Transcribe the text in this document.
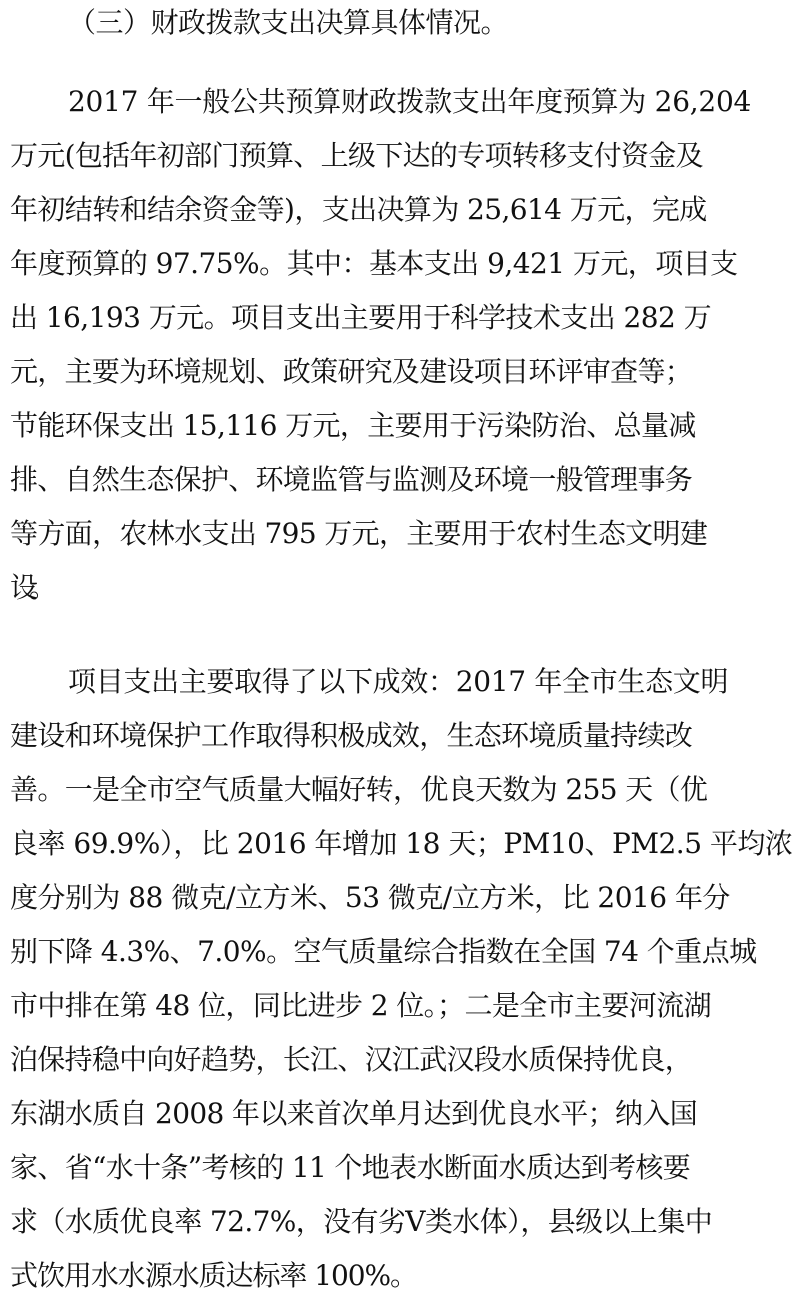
（三）财政拨款支出决算具体情况。
2017 年一般公共预算财政拨款支出年度预算为 26,204
万元(包括年初部门预算、上级下达的专项转移支付资金及
年初结转和结余资金等)，支出决算为 25,614 万元，完成
年度预算的 97.75%。其中：基本支出 9,421 万元，项目支
出 16,193 万元。项目支出主要用于科学技术支出 282 万
元，主要为环境规划、政策研究及建设项目环评审查等；
节能环保支出 15,116 万元，主要用于污染防治、总量减
排、自然生态保护、环境监管与监测及环境一般管理事务
等方面，农林水支出 795 万元，主要用于农村生态文明建
设。
项目支出主要取得了以下成效：2017 年全市生态文明
建设和环境保护工作取得积极成效，生态环境质量持续改
善。一是全市空气质量大幅好转，优良天数为 255 天（优
良率 69.9%），比 2016 年增加 18 天；PM10、PM2.5 平均浓
度分别为 88 微克/立方米、53 微克/立方米，比 2016 年分
别下降 4.3%、7.0%。空气质量综合指数在全国 74 个重点城
市中排在第 48 位，同比进步 2 位。；二是全市主要河流湖
泊保持稳中向好趋势，长江、汉江武汉段水质保持优良，
东湖水质自 2008 年以来首次单月达到优良水平；纳入国
家、省“水十条”考核的 11 个地表水断面水质达到考核要
求（水质优良率 72.7%，没有劣Ⅴ类水体），县级以上集中
式饮用水水源水质达标率 100%。
